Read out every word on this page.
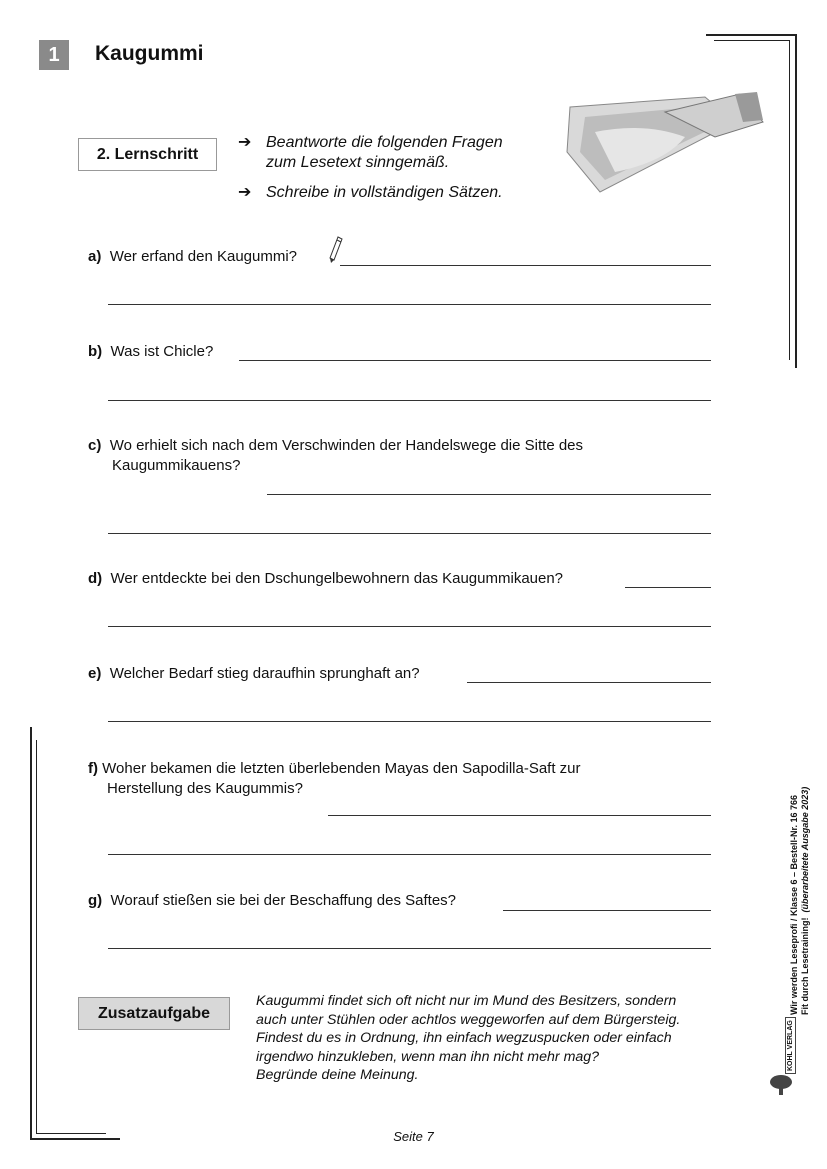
1	Kaugummi
2. Lernschritt
➔ Beantworte die folgenden Fragen
zum Lesetext sinngemäß.
➔ Schreibe in vollständigen Sätzen.
a) Wer erfand den Kaugummi?
b) Was ist Chicle?
c) Wo erhielt sich nach dem Verschwinden der Handelswege die Sitte des
Kaugummikauens?
d) Wer entdeckte bei den Dschungelbewohnern das Kaugummikauen?
e) Welcher Bedarf stieg daraufhin sprunghaft an?
f) Woher bekamen die letzten überlebenden Mayas den Sapodilla-Saft zur
Herstellung des Kaugummis?
g) Worauf stießen sie bei der Beschaffung des Saftes?
Zusatzaufgabe
Kaugummi findet sich oft nicht nur im Mund des Besitzers, sondern
auch unter Stühlen oder achtlos weggeworfen auf dem Bürgersteig.
Findest du es in Ordnung, ihn einfach wegzuspucken oder einfach
irgendwo hinzukleben, wenn man ihn nicht mehr mag?
Begründe deine Meinung.
Wir werden Leseprofi / Klasse 6 – Bestell-Nr. 16 766 Fit durch Lesetraining!  (überarbeitete Ausgabe 2023)
KOHL VERLAG
Seite 7
